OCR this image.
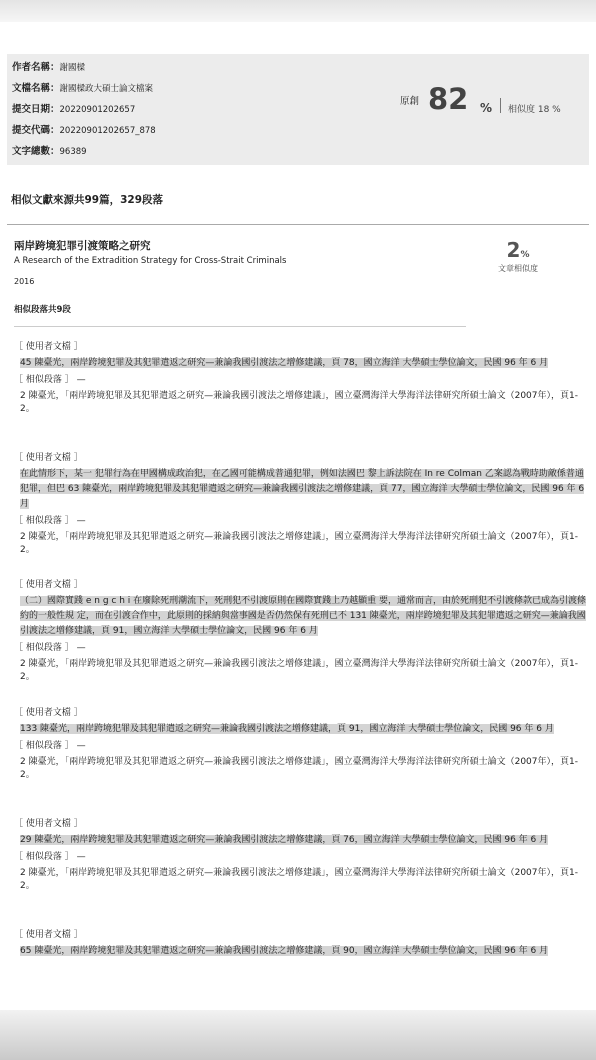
作者名稱：謝國樑
文檔名稱：謝國樑政大碩士論文檔案
提交日期：20220901202657
提交代碼：20220901202657_878
文字總數：96389
原創 82 % 相似度 18 %
相似文獻來源共99篇，329段落
兩岸跨境犯罪引渡策略之研究
A Research of the Extradition Strategy for Cross-Strait Criminals
2016
相似段落共9段
2%
文章相似度
［ 使用者文檔 ］
45 陳臺光，兩岸跨境犯罪及其犯罪遣返之研究—兼論我國引渡法之增修建議，頁 78，國立海洋 大學碩士學位論文，民國 96 年 6 月
［ 相似段落 ］ —
2 陳臺光，「兩岸跨境犯罪及其犯罪遣返之研究—兼論我國引渡法之增修建議」，國立臺灣海洋大學海洋法律研究所碩士論文（2007年），頁1-2。
［ 使用者文檔 ］
在此情形下，某一 犯罪行為在甲國構成政治犯，在乙國可能構成普通犯罪，例如法國巴 黎上訴法院在 In re Colman 乙案認為戰時助敵係普通犯罪，但巴 63 陳臺光，兩岸跨境犯罪及其犯罪遣返之研究—兼論我國引渡法之增修建議，頁 77，國立海洋 大學碩士學位論文，民國 96 年 6 月
［ 相似段落 ］ —
2 陳臺光，「兩岸跨境犯罪及其犯罪遣返之研究—兼論我國引渡法之增修建議」，國立臺灣海洋大學海洋法律研究所碩士論文（2007年），頁1-2。
［ 使用者文檔 ］
（二）國際實踐 e n g c h i 在廢除死刑潮流下，死刑犯不引渡原則在國際實踐上乃越顯重 要，通常而言，由於死刑犯不引渡條款已成為引渡條約的一般性規 定，而在引渡合作中，此原則的採納與當事國是否仍然保有死刑已不 131 陳臺光，兩岸跨境犯罪及其犯罪遣返之研究—兼論我國引渡法之增修建議，頁 91，國立海洋 大學碩士學位論文，民國 96 年 6 月
［ 相似段落 ］ —
2 陳臺光，「兩岸跨境犯罪及其犯罪遣返之研究—兼論我國引渡法之增修建議」，國立臺灣海洋大學海洋法律研究所碩士論文（2007年），頁1-2。
［ 使用者文檔 ］
133 陳臺光，兩岸跨境犯罪及其犯罪遣返之研究—兼論我國引渡法之增修建議，頁 91，國立海洋 大學碩士學位論文，民國 96 年 6 月
［ 相似段落 ］ —
2 陳臺光，「兩岸跨境犯罪及其犯罪遣返之研究—兼論我國引渡法之增修建議」，國立臺灣海洋大學海洋法律研究所碩士論文（2007年），頁1-2。
［ 使用者文檔 ］
29 陳臺光，兩岸跨境犯罪及其犯罪遣返之研究—兼論我國引渡法之增修建議，頁 76，國立海洋 大學碩士學位論文，民國 96 年 6 月
［ 相似段落 ］ —
2 陳臺光，「兩岸跨境犯罪及其犯罪遣返之研究—兼論我國引渡法之增修建議」，國立臺灣海洋大學海洋法律研究所碩士論文（2007年），頁1-2。
［ 使用者文檔 ］
65 陳臺光，兩岸跨境犯罪及其犯罪遣返之研究—兼論我國引渡法之增修建議，頁 90，國立海洋 大學碩士學位論文，民國 96 年 6 月
